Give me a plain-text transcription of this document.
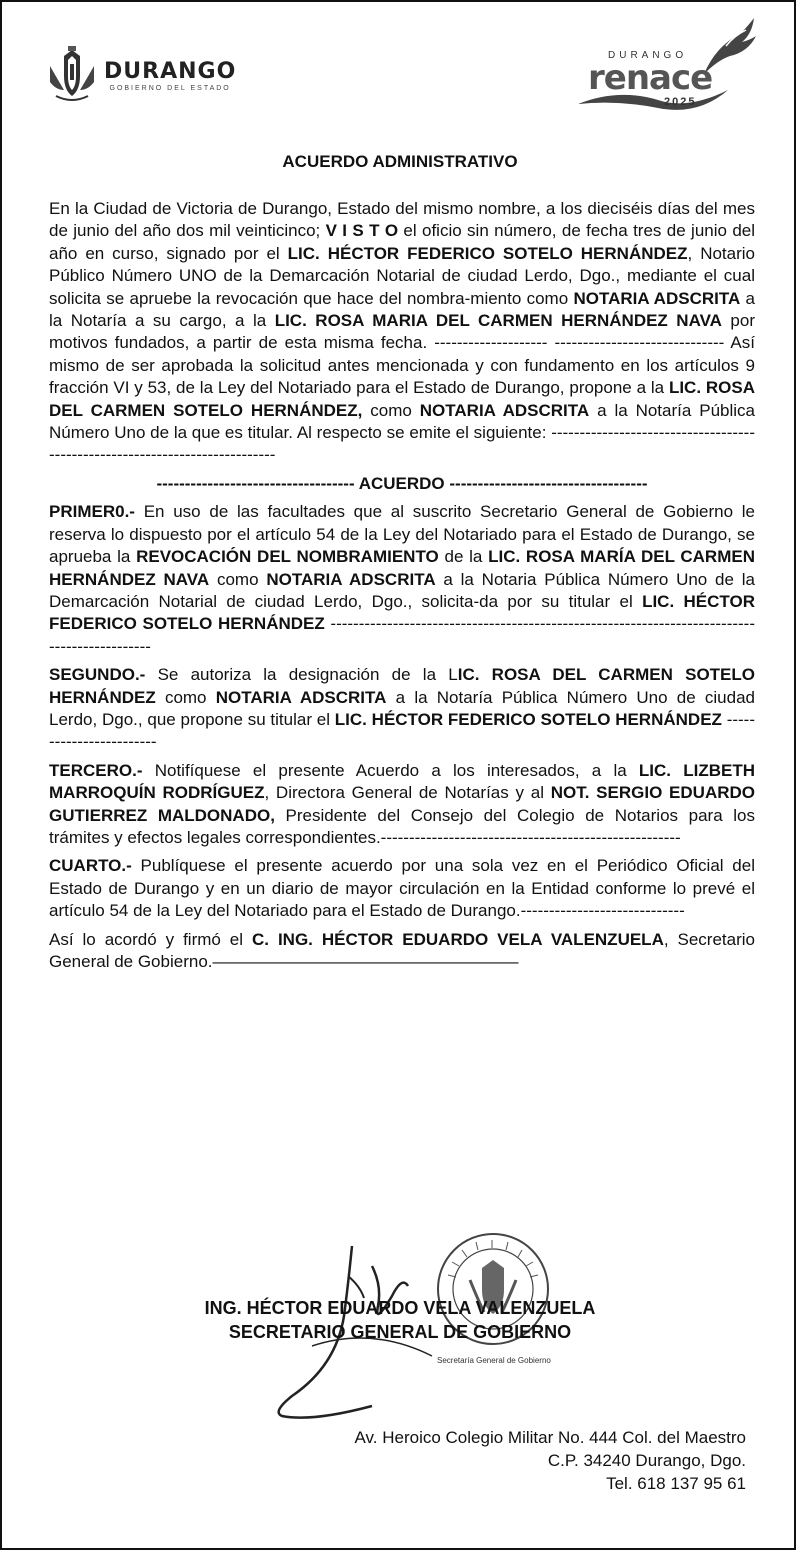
DURANGO
GOBIERNO DEL ESTADO
DURANGO
renace
2025
ACUERDO ADMINISTRATIVO

En la Ciudad de Victoria de Durango, Estado del mismo nombre, a los dieciséis días del mes de junio del año dos mil veinticinco; V I S T O el oficio sin número, de fecha tres de junio del año en curso, signado por el LIC. HÉCTOR FEDERICO SOTELO HERNÁNDEZ, Notario Público Número UNO de la Demarcación Notarial de ciudad Lerdo, Dgo., mediante el cual solicita se apruebe la revocación que hace del nombra-miento como NOTARIA ADSCRITA a la Notaría a su cargo, a la LIC. ROSA MARIA DEL CARMEN HERNÁNDEZ NAVA por motivos fundados, a partir de esta misma fecha. -------------------- ------------------------------ Así mismo de ser aprobada la solicitud antes mencionada y con fundamento en los artículos 9 fracción VI y 53, de la Ley del Notariado para el Estado de Durango, propone a la LIC. ROSA DEL CARMEN SOTELO HERNÁNDEZ, como NOTARIA ADSCRITA a la Notaría Pública Número Uno de la que es titular. Al respecto se emite el siguiente: ----------------------------------------------------------------------------

----------------------------------- ACUERDO -----------------------------------

PRIMER0.- En uso de las facultades que al suscrito Secretario General de Gobierno le reserva lo dispuesto por el artículo 54 de la Ley del Notariado para el Estado de Durango, se aprueba la REVOCACIÓN DEL NOMBRAMIENTO de la LIC. ROSA MARÍA DEL CARMEN HERNÁNDEZ NAVA como NOTARIA ADSCRITA a la Notaria Pública Número Uno de la Demarcación Notarial de ciudad Lerdo, Dgo., solicita-da por su titular el LIC. HÉCTOR FEDERICO SOTELO HERNÁNDEZ ---------------------------------------------------------------------------------------------

SEGUNDO.- Se autoriza la designación de la LIC. ROSA DEL CARMEN SOTELO HERNÁNDEZ como NOTARIA ADSCRITA a la Notaría Pública Número Uno de ciudad Lerdo, Dgo., que propone su titular el LIC. HÉCTOR FEDERICO SOTELO HERNÁNDEZ ------------------------

TERCERO.- Notifíquese el presente Acuerdo a los interesados, a la LIC. LIZBETH MARROQUÍN RODRÍGUEZ, Directora General de Notarías y al NOT. SERGIO EDUARDO GUTIERREZ MALDONADO, Presidente del Consejo del Colegio de Notarios para los trámites y efectos legales correspondientes.-----------------------------------------------------

CUARTO.- Publíquese el presente acuerdo por una sola vez en el Periódico Oficial del Estado de Durango y en un diario de mayor circulación en la Entidad conforme lo prevé el artículo 54 de la Ley del Notariado para el Estado de Durango.-----------------------------

Así lo acordó y firmó el C. ING. HÉCTOR EDUARDO VELA VALENZUELA, Secretario General de Gobierno.——————————————————

ING. HÉCTOR EDUARDO VELA VALENZUELA
SECRETARIO GENERAL DE GOBIERNO
Secretaría General de Gobierno
Av. Heroico Colegio Militar No. 444 Col. del Maestro
C.P. 34240 Durango, Dgo.
Tel. 618 137 95 61
